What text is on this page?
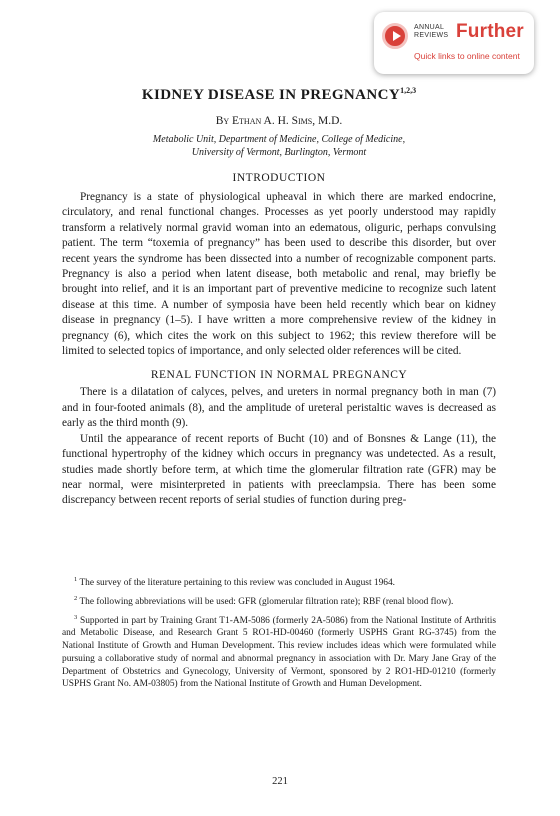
ANNUAL
REVIEWS Further
Quick links to online content
KIDNEY DISEASE IN PREGNANCY$^{1,2,3}$
By Ethan A. H. Sims, M.D.
Metabolic Unit, Department of Medicine, College of Medicine,
University of Vermont, Burlington, Vermont
INTRODUCTION

Pregnancy is a state of physiological upheaval in which there are marked endocrine, circulatory, and renal functional changes. Processes as yet poorly understood may rapidly transform a relatively normal gravid woman into an edematous, oliguric, perhaps convulsing patient. The term “toxemia of pregnancy” has been used to describe this disorder, but over recent years the syndrome has been dissected into a number of recognizable component parts. Pregnancy is also a period when latent disease, both metabolic and renal, may briefly be brought into relief, and it is an important part of preventive medicine to recognize such latent disease at this time. A number of symposia have been held recently which bear on kidney disease in pregnancy (1–5). I have written a more comprehensive review of the kidney in pregnancy (6), which cites the work on this subject to 1962; this review therefore will be limited to selected topics of importance, and only selected older references will be cited.

RENAL FUNCTION IN NORMAL PREGNANCY

There is a dilatation of calyces, pelves, and ureters in normal pregnancy both in man (7) and in four-footed animals (8), and the amplitude of ureteral peristaltic waves is decreased as early as the third month (9).

Until the appearance of recent reports of Bucht (10) and of Bonsnes & Lange (11), the functional hypertrophy of the kidney which occurs in pregnancy was undetected. As a result, studies made shortly before term, at which time the glomerular filtration rate (GFR) may be near normal, were misinterpreted in patients with preeclampsia. There has been some discrepancy between recent reports of serial studies of function during preg-

$^1$ The survey of the literature pertaining to this review was concluded in August 1964.

$^2$ The following abbreviations will be used: GFR (glomerular filtration rate); RBF (renal blood flow).

$^3$ Supported in part by Training Grant T1-AM-5086 (formerly 2A-5086) from the National Institute of Arthritis and Metabolic Disease, and Research Grant 5 RO1-HD-00460 (formerly USPHS Grant RG-3745) from the National Institute of Growth and Human Development. This review includes ideas which were formulated while pursuing a collaborative study of normal and abnormal pregnancy in association with Dr. Mary Jane Gray of the Department of Obstetrics and Gynecology, University of Vermont, sponsored by 2 RO1-HD-01210 (formerly USPHS Grant No. AM-03805) from the National Institute of Growth and Human Development.

221
